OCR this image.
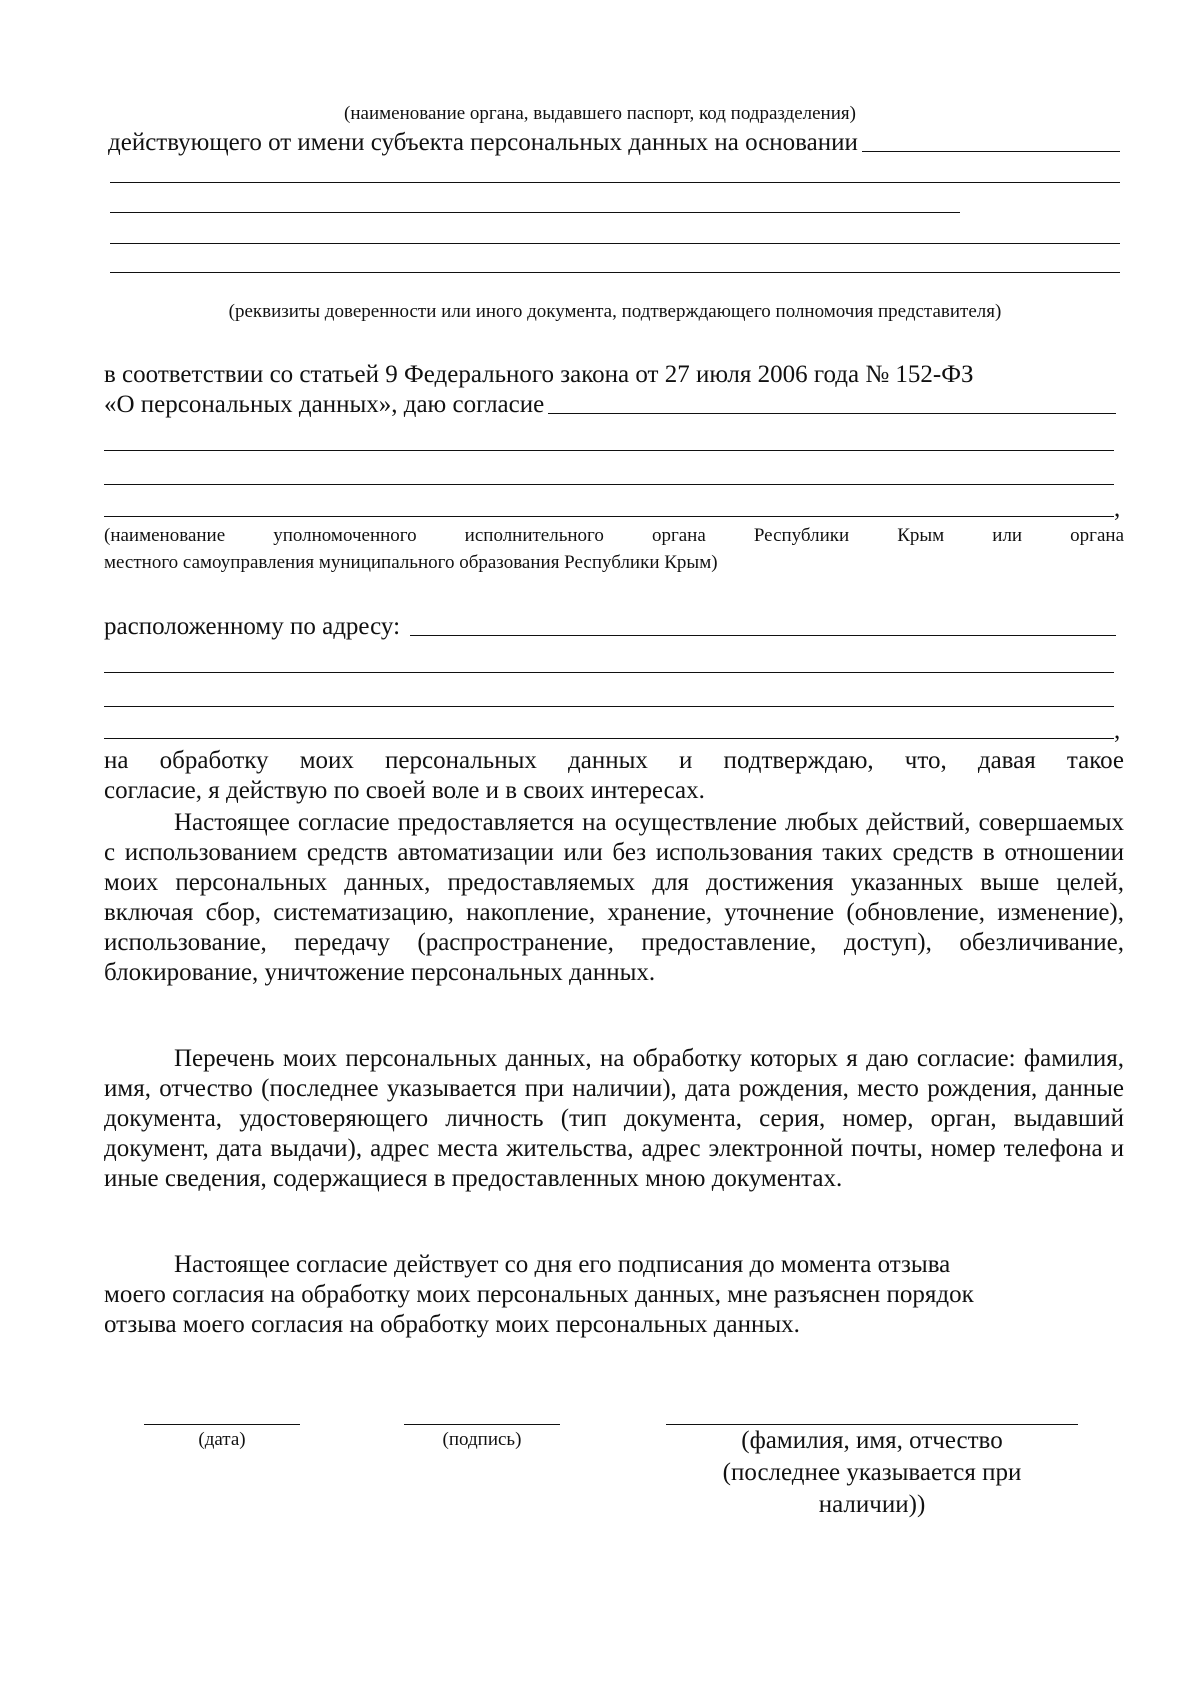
(наименование органа, выдавшего паспорт, код подразделения)
действующего от имени субъекта персональных данных на основании
(реквизиты доверенности или иного документа, подтверждающего полномочия представителя)
в соответствии со статьей 9 Федерального закона от 27 июля 2006 года № 152-ФЗ
«О персональных данных», даю согласие
,
(наименование уполномоченного исполнительного органа Республики Крым или органа
местного самоуправления муниципального образования Республики Крым)
расположенному по адресу:
,
на обработку моих персональных данных и подтверждаю, что, давая такое
согласие, я действую по своей воле и в своих интересах.
Настоящее согласие предоставляется на осуществление любых действий, совершаемых с использованием средств автоматизации или без использования таких средств в отношении моих персональных данных, предоставляемых для достижения указанных выше целей, включая сбор, систематизацию, накопление, хранение, уточнение (обновление, изменение), использование, передачу (распространение, предоставление, доступ), обезличивание, блокирование, уничтожение персональных данных.
Перечень моих персональных данных, на обработку которых я даю согласие: фамилия, имя, отчество (последнее указывается при наличии), дата рождения, место рождения, данные документа, удостоверяющего личность (тип документа, серия, номер, орган, выдавший документ, дата выдачи), адрес места жительства, адрес электронной почты, номер телефона и иные сведения, содержащиеся в предоставленных мною документах.
Настоящее согласие действует со дня его подписания до момента отзыва
моего согласия на обработку моих персональных данных, мне разъяснен порядок
отзыва моего согласия на обработку моих персональных данных.
(дата)	(подпись)	(фамилия, имя, отчество
(последнее указывается при
наличии))
